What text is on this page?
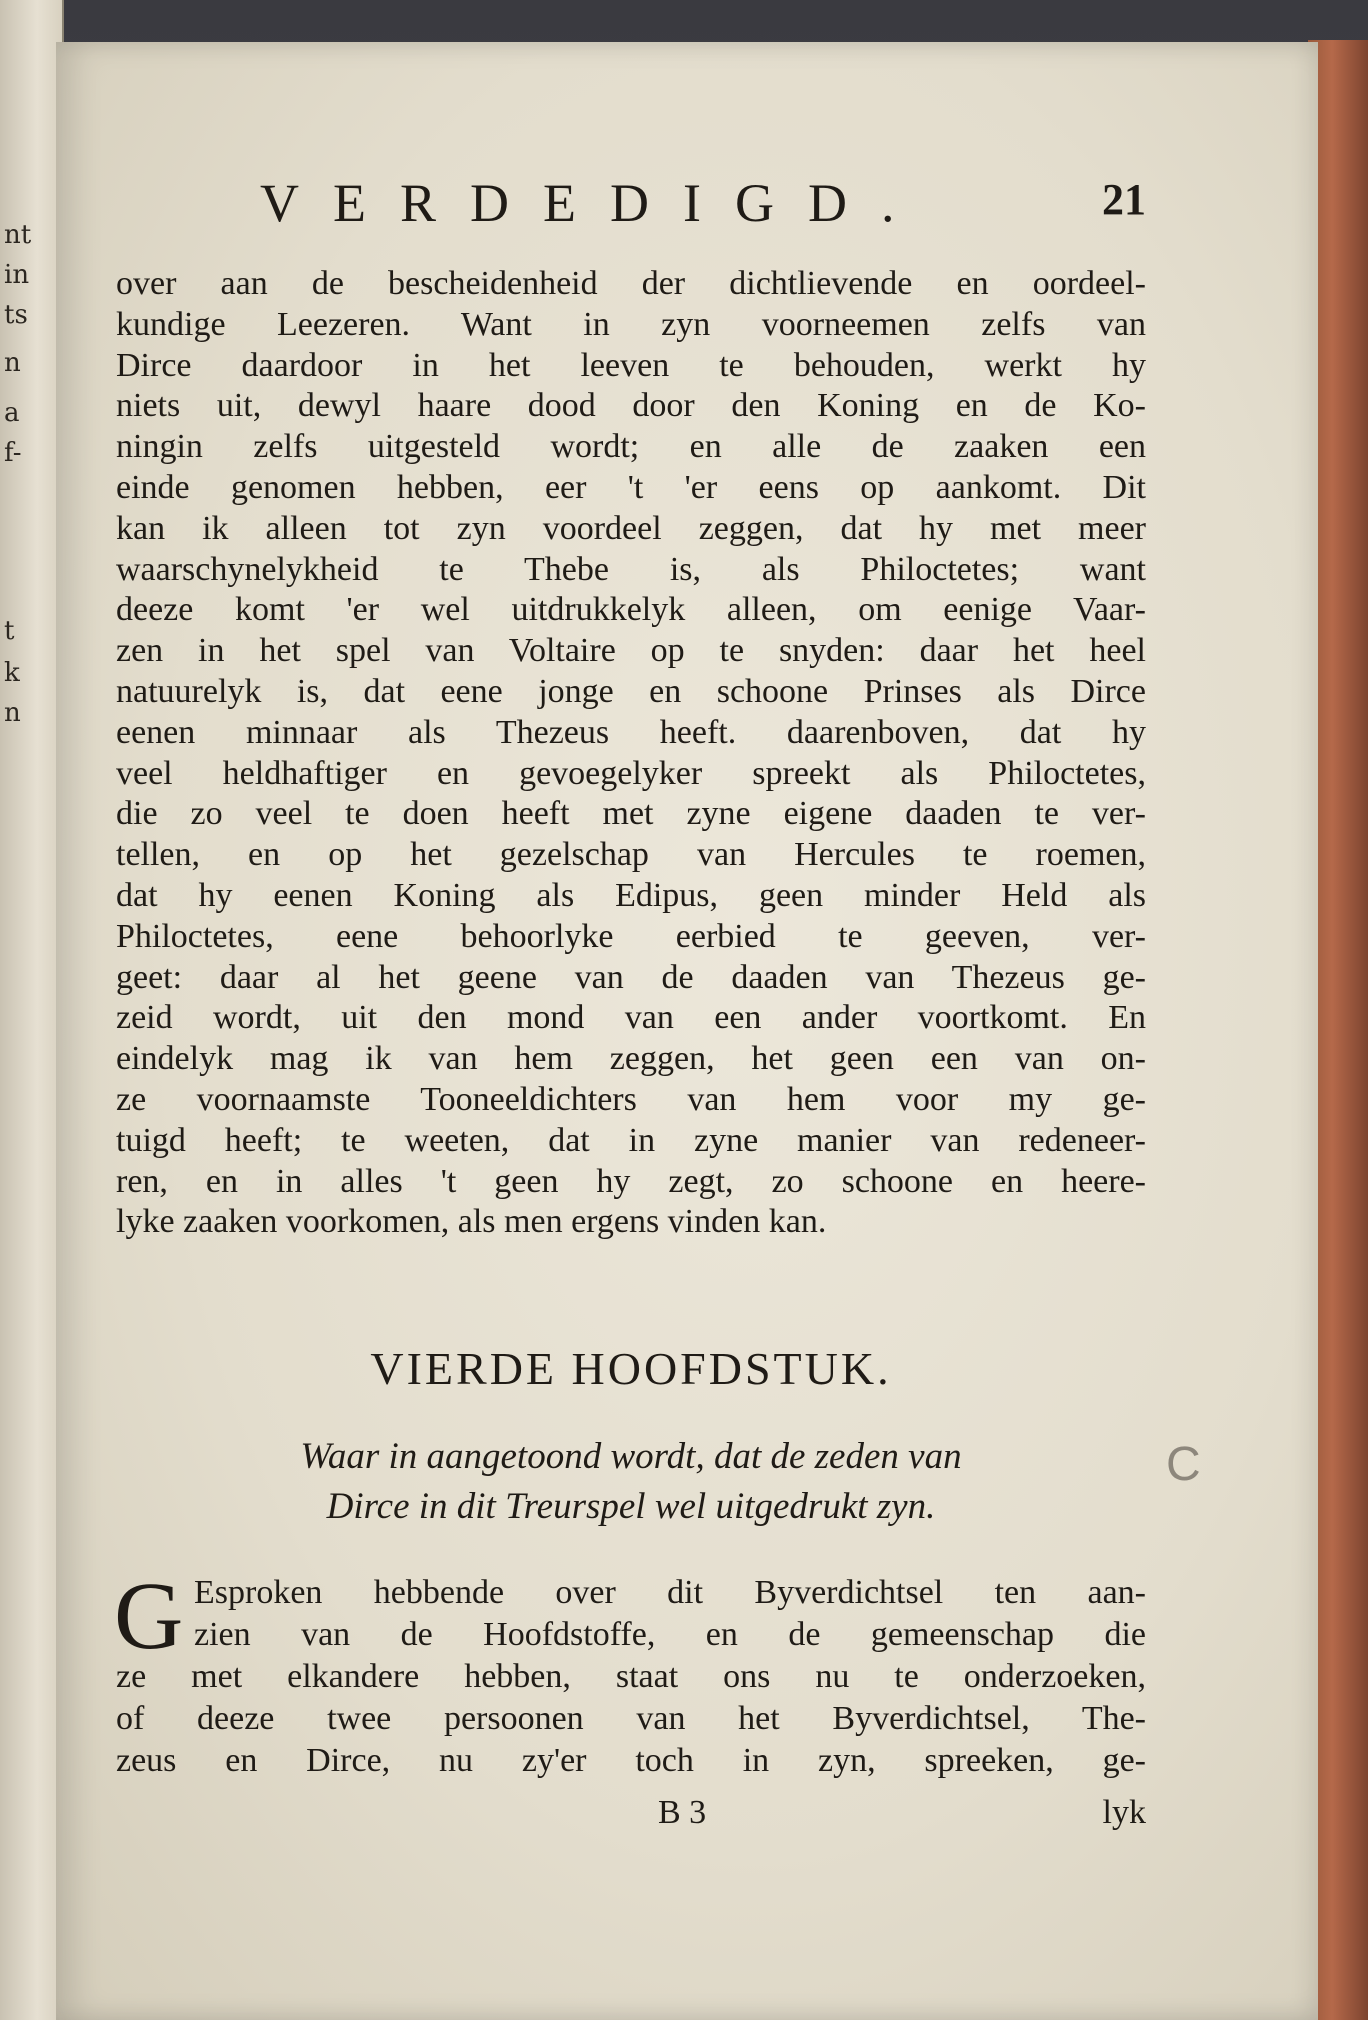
nt
in
ts
n
a
f-
t
k
n
VERDEDIGD.	21
over aan de bescheidenheid der dichtlievende en oordeel-
kundige Leezeren. Want in zyn voorneemen zelfs van
Dirce daardoor in het leeven te behouden, werkt hy
niets uit, dewyl haare dood door den Koning en de Ko-
ningin zelfs uitgesteld wordt; en alle de zaaken een
einde genomen hebben, eer 't 'er eens op aankomt. Dit
kan ik alleen tot zyn voordeel zeggen, dat hy met meer
waarschynelykheid te Thebe is, als Philoctetes; want
deeze komt 'er wel uitdrukkelyk alleen, om eenige Vaar-
zen in het spel van Voltaire op te snyden: daar het heel
natuurelyk is, dat eene jonge en schoone Prinses als Dirce
eenen minnaar als Thezeus heeft. daarenboven, dat hy
veel heldhaftiger en gevoegelyker spreekt als Philoctetes,
die zo veel te doen heeft met zyne eigene daaden te ver-
tellen, en op het gezelschap van Hercules te roemen,
dat hy eenen Koning als Edipus, geen minder Held als
Philoctetes, eene behoorlyke eerbied te geeven, ver-
geet: daar al het geene van de daaden van Thezeus ge-
zeid wordt, uit den mond van een ander voortkomt. En
eindelyk mag ik van hem zeggen, het geen een van on-
ze voornaamste Tooneeldichters van hem voor my ge-
tuigd heeft; te weeten, dat in zyne manier van redeneer-
ren, en in alles 't geen hy zegt, zo schoone en heere-
lyke zaaken voorkomen, als men ergens vinden kan.
VIERDE HOOFDSTUK.
Waar in aangetoond wordt, dat de zeden van
Dirce in dit Treurspel wel uitgedrukt zyn.
C
G Esproken hebbende over dit Byverdichtsel ten aan-
zien van de Hoofdstoffe, en de gemeenschap die
ze met elkandere hebben, staat ons nu te onderzoeken,
of deeze twee persoonen van het Byverdichtsel, The-
zeus en Dirce, nu zy'er toch in zyn, spreeken, ge-
B 3	lyk
